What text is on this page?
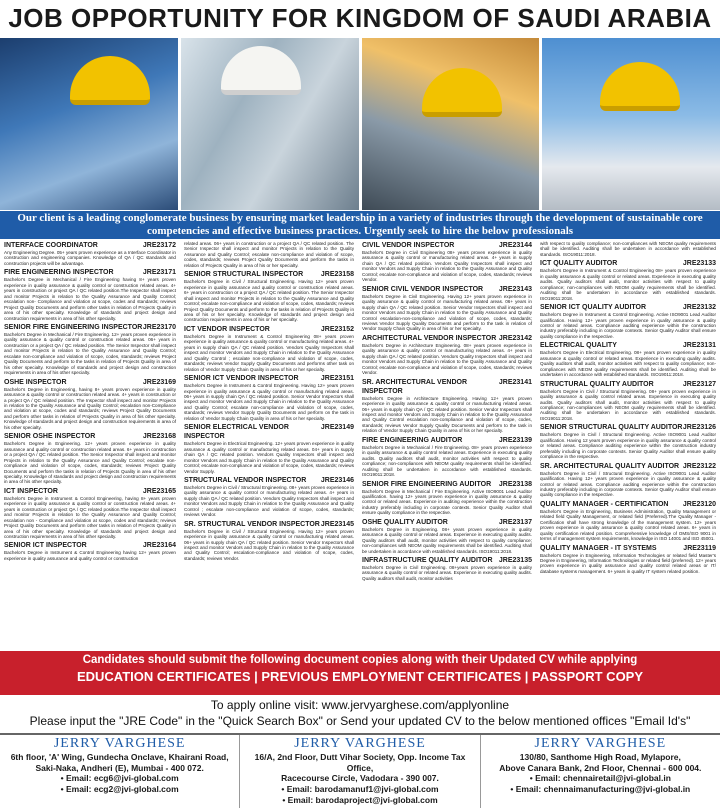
JOB OPPORTUNITY FOR KINGDOM OF SAUDI ARABIA
Our client is a leading conglomerate business by ensuring market leadership in a variety of industries through the development of sustainable core competencies and effective business practices. Urgently seek to hire the below professionals
INTERFACE COORDINATOR	JRE23172
Any Engineering Degree. 05+ years proven experience as a Interface Coordinator in construction and engineering companies. Knowledge of QA / QC standards and construction projects will be advantage.
FIRE ENGINEERING INSPECTOR	JRE23171
Bachelor's Degree in Mechanical / Fire Engineering having 8+ years proven experience in quality assurance & quality control or construction related areas. 4+ years in construction or project QA / QC related position.The Inspector shall inspect and monitor Projects in relation to the Quality Assurance and Quality Control; escalation non- Compliance and violation at scope, codes and standards; reviews Project Quality Documents and perform other tasks in relation of Projects Quality in area of his other specialty. Knowledge of standards and project design and construction requirements in area of his other specialty.
SENIOR FIRE ENGINEERING INSPECTOR JRE23170
Bachelor's Degree in Mechanical / Fire Engineering. 12+ years proven experience in quality assurance & quality control or construction related areas. 06+ years in construction or a project QA / QC related position. The Senior Inspector shall inspect and monitor Projects in relation to the Quality Assurance and Quality Control; escalate non-compliance and violation of scope, codes, standards; reviews Project Quality Documents and perform to the tasks in relation of Projects Quality in area of his other specialty. Knowledge of standards and project design and construction requirements in area of his other specialty.
OSHE INSPECTOR	JRE23169
Bachelor's Degree in Engineering, having 8+ years proven experience in quality assurance & quality control or construction related areas. 4+ years in construction or a project QA / QC related position. The Inspector shall inspect and monitor Projects in relation to the Quality Assurance and Quality Control; escalation non-Compliance and violation at scope, codes and standards; reviews Project Quality Documents and perform other tasks in relation of Projects Quality in area of his other specialty. Knowledge of standards and project design and construction requirements in area of his other specialty.
SENIOR OSHE INSPECTOR	JRE23168
Bachelor's Degree in Engineering. 12+ years proven experience in quality assurance and quality control or construction related areas. 6+ years in construction or a project QA / QC related position. The Senior Inspector shall inspect and monitor Projects in relation to the Quality Assurance and Quality Control; escalate non-compliance and violation of scope, codes, standards; reviews Project Quality Documents and perform the tasks in relation of Projects Quality in area of his other specialty. Knowledge of standards and project design and construction requirements in area of his other specialty.
ICT INSPECTOR	JRE23165
Bachelor's Degree in Instrument & Control Engineering, having 8+ years proven experience in quality assurance & quality control or construction related areas. 4+ years in construction or project QA / QC related position.The Inspector shall inspect and monitor Projects in relation to the Quality Assurance and Quality Control; escalation non - Compliance and violation at scope, codes and standards; reviews Project Quality Documents and perform other tasks in relation of Projects Quality in area of his other specialty. Knowledge of standards and project design and construction requirements in area of his other specialty.
SENIOR ICT INSPECTOR	JRE23164
Bachelor's Degree in Instrument & Control Engineering having 12+ years proven experience in quality assurance and quality control or construction
related areas. 06+ years in construction or a project QA / QC related position. The Senior Inspector shall inspect and monitor Projects in relation to the Quality Assurance and Quality Control; escalate non-compliance and violation of scope, codes, standards; reviews Project Quality Documents and perform the tasks in relation of Projects Quality in area of his or her specialty.
SENIOR STRUCTURAL INSPECTOR	JRE23158
Bachelor's Degree in Civil / Structural Engineering. Having 12+ years proven experience in quality assurance and quality control or construction related areas. 6+ years in construction or a project QA / QC related position. The Senior Inspector shall inspect and monitor Projects in relation to the Quality Assurance and Quality Control; escalate non-compliance and violation of scope, codes, standards; reviews Project Quality Documents and perform to the tasks in relation of Projects Quality in area of his or her specialty. Knowledge of standards and project design and construction requirements in area of his or her specialty.
ICT VENDOR INSPECTOR	JRE23152
Bachelor's Degree in Instrument & Control Engineering 08+ years proven experience in quality assurance & quality control or manufacturing related areas. 4+ years in supply chain QA / QC related position. Vendors Quality Inspectors shall inspect and monitor Vendors and Supply Chain in relation to the Quality Assurance and Quality Control ; escalate non-compliance and violation of scope, codes, standards; reviews Vendor Supply Quality Documents and performs other task on relation of Vendor Supply Chain Quality in area of his or her specialty.
SENIOR ICT VENDOR INSPECTOR	JRE23151
Bachelor's Degree in Instrument & Control Engineering. Having 12+ years proven experience in quality assurance & quality control or manufacturing related areas. 06+ years in supply chain QA / QC related position. Senior Vendor Inspectors shall inspect and monitor Vendors and Supply Chain in relation to the Quality Assurance and Quality Control; escalate non-compliance and violation of scope, codes, standards; reviews Vendor Supply Quality Documents and perform on the task in relation of Vendor Supply Chain Quality in area of his or her specialty.
SENIOR ELECTRICAL VENDOR INSPECTOR
JRE23149
Bachelor's Degree in Electrical Engineering. 12+ years proven experience in quality assurance & quality control or manufacturing related areas. 04+ years in supply chain QA / QC related position. Vendors Quality Inspectors shall inspect and monitor Vendors and Supply Chain in relation to the Quality Assurance and Quality Control; escalate non-compliance and violation of scope, codes, standards; reviews Vendor Supply.
STRUCTURAL VENDOR INSPECTOR JRE23146
Bachelor's Degree in Civil / Structural Engineering. 08+ years proven experience in quality assurance & quality control or manufacturing related areas. 4+ years in supply chain QA / QC related position. Vendors Quality Inspectors shall inspect and monitor Vendors and Supply Chain in relation to the Quality Assurance and Quality Control ; escalate non-compliance and violation of scope, codes, standards; reviews Vendor.
SR. STRUCTURAL VENDOR INSPECTOR JRE23145
Bachelor's Degree in Civil / Structural Engineering. Having 12+ years proven experience in quality assurance & quality control or manufacturing related areas. 06+ years in supply chain QA / QC related position. Senior Vendor Inspectors shall inspect and monitor Vendors and Supply Chain in relation to the Quality Assurance and Quality Control; escalation-compliance and violation of scope, codes, standards; reviews Vendor.
CIVIL VENDOR INSPECTOR	JRE23144
Bachelor's Degree in Civil Engineering 08+ years proven experience in quality assurance & quality control or manufacturing related areas. 4+ years in supply chain QA / QC related position. Vendors Quality Inspectors shall inspect and monitor Vendors and Supply Chain in relation to the Quality Assurance and Quality Control; escalate non-compliance and violation of scope, codes, standards; reviews Vendor.
SENIOR CIVIL VENDOR INSPECTOR JRE23143
Bachelor's Degree in Civil Engineering. Having 12+ years proven experience in quality assurance & quality control or manufacturing related areas. 06+ years in supply chain QA / QC related position. Senior Vendor Inspectors shall inspect and monitor Vendors and Supply Chain in relation to the Quality Assurance and Quality Control escalation-non-compliance and violation of scope, codes, standards; reviews Vendor Supply Quality Documents and perform to the task in relation of Vendor Supply Chain Quality in area of his or her specialty.
ARCHITECTURAL VENDOR INSPECTOR JRE23142
Bachelor's Degree in Architecture Engineering. 08+ years proven experience in quality assurance & quality control or manufacturing related areas. 4+ years in supply chain QA / QC related position. Vendors Quality Inspectors shall inspect and monitor Vendors and Supply Chain in relation to the Quality Assurance and Quality Control; escalate non-compliance and violation of scope, codes, standards; reviews Vendor.
SR. ARCHITECTURAL VENDOR INSPECTOR
JRE23141
Bachelor's Degree in Architecture Engineering. Having 12+ years proven experience in quality assurance & quality control or manufacturing related areas. 06+ years in supply chain QA / QC related position. Senior Vendor Inspectors shall inspect and monitor Vendors and Supply Chain in relation to the Quality Assurance and Quality Control escalation non-compliance and violation of scope, codes, standards; reviews Vendor Supply Quality Documents and perform to the task in relation of Vendor Supply Chain Quality in area of his or her specialty.
FIRE ENGINEERING AUDITOR	JRE23139
Bachelor's Degree in Mechanical / Fire Engineering. 08+ years proven experience in quality assurance & quality control related areas. Experience in executing quality audits. Quality auditors shall audit, monitor activities with respect to quality compliance; non-compliances with NEOM quality requirements shall be identified. Auditing shall be undertaken in accordance with established standards. ISO19011:2018.
SENIOR FIRE ENGINEERING AUDITOR JRE23138
Bachelor's Degree in Mechanical / Fire Engineering. Active ISO9001 Lead Auditor qualification. having 12+ years proven experience in quality assurance & quality control or related areas. Experience in auditing experience within the construction industry preferably including in corporate contexts. Senior Quality Auditor shall ensure quality compliance in the respective.
OSHE QUALITY AUDITOR	JRE23137
Bachelor's Degree in Engineering. 08+ years proven experience in quality assurance & quality control or related areas. Experience in executing quality audits. Quality auditors shall audit, monitor activities with respect to quality compliance; non-compliances with NEOM quality requirements shall be identified. Auditing shall be undertaken in accordance with established standards. ISO19011:2018.
INFRASTRUCTURE QUALITY AUDITOR JRE23135
Bachelor's Degree in Civil Engineering. 08+years proven experience in quality assurance & quality control or related areas. Experience in executing quality audits. Quality auditors shall audit, monitor activities
with respect to quality compliance; non-compliances with NEOM quality requirements shall be identified. Auditing shall be undertaken in accordance with established standards. ISO19011:2018.
ICT QUALITY AUDITOR	JRE23133
Bachelor's Degree in Instrument & Control Engineering 08+ years proven experience in quality assurance & quality control or related areas. Experience in executing quality audits. Quality auditors shall audit, monitor activities with respect to quality compliance; non-compliances with NEOM quality requirements shall be identified. Auditing shall be undertaken in accordance with established standards. ISO19011:2018.
SENIOR ICT QUALITY AUDITOR	JRE23132
Bachelor's Degree in Instrument & Control Engineering. Active ISO9001 Lead Auditor qualification. Having 12+ years proven experience in quality assurance & quality control or related areas. Compliance auditing experience within the construction industry preferably including in corporate contexts. Senior Quality Auditor shall ensure quality compliance in the respective.
ELECTRICAL QUALITY	JRE23131
Bachelor's Degree in Electrical Engineering. 08+ years proven experience in quality assurance & quality control or related areas. Experience in executing quality audits. Quality auditors shall audit, monitor activities with respect to quality compliance; non-compliances with NEOM quality requirements shall be identified. Auditing shall be undertaken in accordance with established standards. ISO19011:2018.
STRUCTURAL QUALITY AUDITOR	JRE23127
Bachelor's Degree in Civil / Structural Engineering. 08+ years proven experience in quality assurance & quality control related areas. Experience in executing quality audits. Quality auditors shall audit, monitor activities with respect to quality compliance; non-compliances with NEOM quality requirements shall be identified. Auditing shall be undertaken in accordance with established standards. ISO19011:2018.
SENIOR STRUCTURAL QUALITY AUDITOR JRE23126
Bachelor's Degree in Civil / Structural Engineering. Active ISO9001 Lead Auditor qualification. Having 12 years proven experience in quality assurance & quality control or related areas. Compliance auditing experience within the construction industry preferably including in corporate contexts. Senior Quality Auditor shall ensure quality compliance in the respective.
SR. ARCHITECTURAL QUALITY AUDITOR JRE23122
Bachelor's Degree in Civil / Structural Engineering. Active ISO9001 Lead Auditor qualification. Having 12+ years proven experience in quality assurance & quality control or related areas. Compliance auditing experience within the construction industry preferably including in corporate contexts. Senior Quality Auditor shall ensure quality compliance in the respective.
QUALITY MANAGER - CERTIFICATION JRE23120
Bachelor's Degree in Engineering, Business Administration, Quality Management or related field Quality Management, or related field (Preferred).The Quality Manager - Certification shall have strong knowledge of the management system. 12+ years proven experience in quality assurance & quality control related areas. 6+ years in quality certification related position. Comprehensive knowledge of OMS/ISO 9001 in terms of management system requirements, knowledge in ISO 14001 and ISO 45001.
QUALITY MANAGER - IT SYSTEMS	JRE23119
Bachelor's Degree in Engineering, Information Technologies or related field Master's Degree in Engineering, Information Technologies or related field (preferred). 12+ years proven experience in quality assurance and quality control related areas or IT/ database systems management. 6+ years in quality IT system related position.
Candidates should submit the following document copies along with their Updated CV while applying
EDUCATION CERTIFICATES | PREVIOUS EMPLOYMENT CERTIFICATES | PASSPORT COPY
To apply online visit: www.jervyarghese.com/applyonline
Please input the "JRE Code" in the "Quick Search Box" or Send your updated CV to the below mentioned offices "Email Id's"
JERRY VARGHESE
6th floor, 'A' Wing, Gundecha Onclave, Khairani Road,
Saki-Naka, Andheri (E), Mumbai - 400 072.
• Email: ecg6@jvi-global.com
• Email: ecg2@jvi-global.com
JERRY VARGHESE
16/A, 2nd Floor, Dutt Vihar Society, Opp. Income Tax Office,
Racecourse Circle, Vadodara - 390 007.
• Email: barodamanuf1@jvi-global.com
• Email: barodaproject@jvi-global.com
JERRY VARGHESE
130/80, Santhome High Road, Mylapore,
Above Canara Bank, 2nd Floor, Chennai - 600 004.
• Email: chennairetail@jvi-global.in
• Email: chennaimanufacturing@jvi-global.in
